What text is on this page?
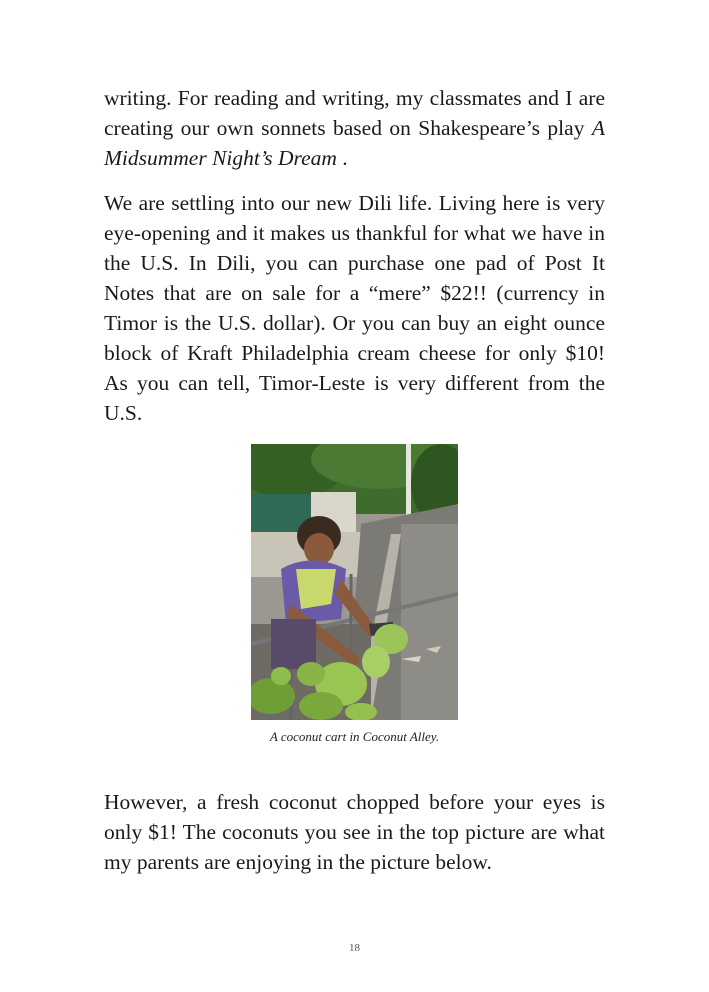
writing. For reading and writing, my classmates and I are creating our own sonnets based on Shakespeare’s play A Midsummer Night’s Dream .

We are settling into our new Dili life. Living here is very eye-opening and it makes us thankful for what we have in the U.S. In Dili, you can purchase one pad of Post It Notes that are on sale for a “mere” $22!! (currency in Timor is the U.S. dollar). Or you can buy an eight ounce block of Kraft Philadelphia cream cheese for only $10! As you can tell, Timor-Leste is very different from the U.S.

A coconut cart in Coconut Alley.

However, a fresh coconut chopped before your eyes is only $1! The coconuts you see in the top picture are what my parents are enjoying in the picture below.

18
